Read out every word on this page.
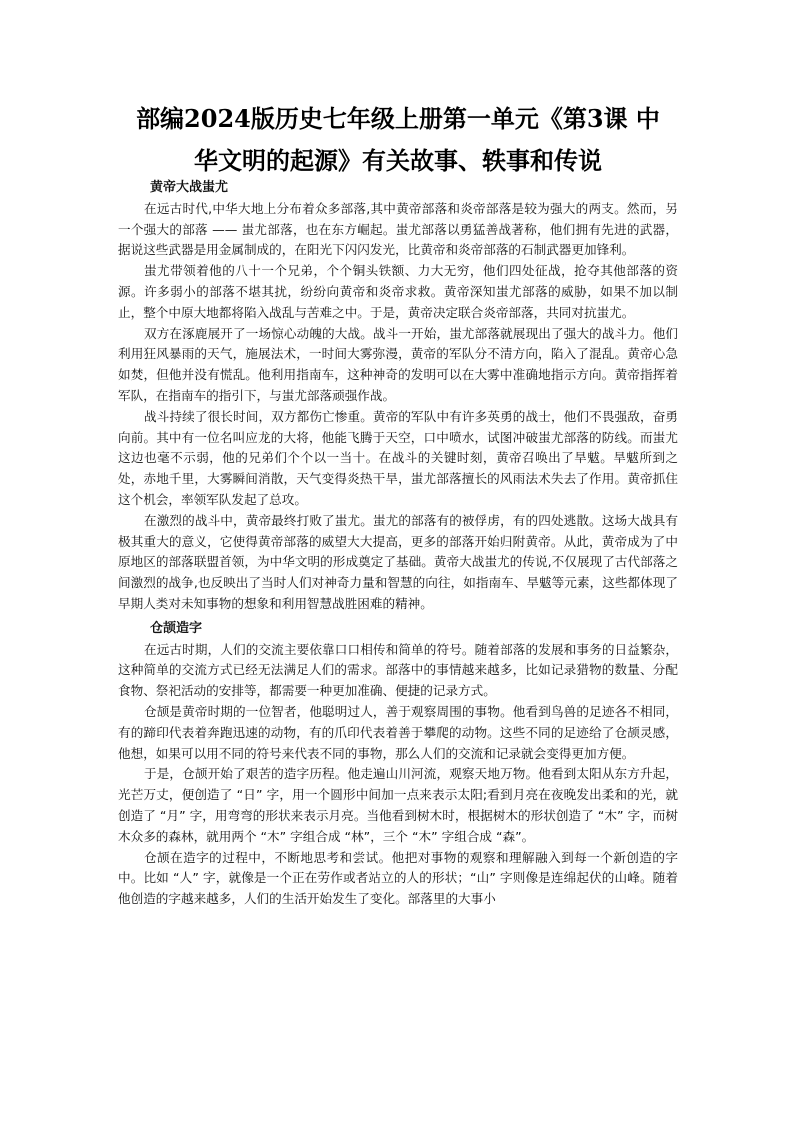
部编2024版历史七年级上册第一单元《第3课 中
华文明的起源》有关故事、轶事和传说
黄帝大战蚩尤

在远古时代,中华大地上分布着众多部落,其中黄帝部落和炎帝部落是较为强大的两支。然而，另一个强大的部落 —— 蚩尤部落，也在东方崛起。蚩尤部落以勇猛善战著称，他们拥有先进的武器，据说这些武器是用金属制成的，在阳光下闪闪发光，比黄帝和炎帝部落的石制武器更加锋利。

蚩尤带领着他的八十一个兄弟，个个铜头铁额、力大无穷，他们四处征战，抢夺其他部落的资源。许多弱小的部落不堪其扰，纷纷向黄帝和炎帝求救。黄帝深知蚩尤部落的威胁，如果不加以制止，整个中原大地都将陷入战乱与苦难之中。于是，黄帝决定联合炎帝部落，共同对抗蚩尤。

双方在涿鹿展开了一场惊心动魄的大战。战斗一开始，蚩尤部落就展现出了强大的战斗力。他们利用狂风暴雨的天气，施展法术，一时间大雾弥漫，黄帝的军队分不清方向，陷入了混乱。黄帝心急如焚，但他并没有慌乱。他利用指南车，这种神奇的发明可以在大雾中准确地指示方向。黄帝指挥着军队，在指南车的指引下，与蚩尤部落顽强作战。

战斗持续了很长时间，双方都伤亡惨重。黄帝的军队中有许多英勇的战士，他们不畏强敌，奋勇向前。其中有一位名叫应龙的大将，他能飞腾于天空，口中喷水，试图冲破蚩尤部落的防线。而蚩尤这边也毫不示弱，他的兄弟们个个以一当十。在战斗的关键时刻，黄帝召唤出了旱魃。旱魃所到之处，赤地千里，大雾瞬间消散，天气变得炎热干旱，蚩尤部落擅长的风雨法术失去了作用。黄帝抓住这个机会，率领军队发起了总攻。

在激烈的战斗中，黄帝最终打败了蚩尤。蚩尤的部落有的被俘虏，有的四处逃散。这场大战具有极其重大的意义，它使得黄帝部落的威望大大提高，更多的部落开始归附黄帝。从此，黄帝成为了中原地区的部落联盟首领，为中华文明的形成奠定了基础。黄帝大战蚩尤的传说,不仅展现了古代部落之间激烈的战争,也反映出了当时人们对神奇力量和智慧的向往，如指南车、旱魃等元素，这些都体现了早期人类对未知事物的想象和利用智慧战胜困难的精神。

仓颉造字

在远古时期，人们的交流主要依靠口口相传和简单的符号。随着部落的发展和事务的日益繁杂，这种简单的交流方式已经无法满足人们的需求。部落中的事情越来越多，比如记录猎物的数量、分配食物、祭祀活动的安排等，都需要一种更加准确、便捷的记录方式。

仓颉是黄帝时期的一位智者，他聪明过人，善于观察周围的事物。他看到鸟兽的足迹各不相同，有的蹄印代表着奔跑迅速的动物，有的爪印代表着善于攀爬的动物。这些不同的足迹给了仓颉灵感，他想，如果可以用不同的符号来代表不同的事物，那么人们的交流和记录就会变得更加方便。

于是，仓颉开始了艰苦的造字历程。他走遍山川河流，观察天地万物。他看到太阳从东方升起，光芒万丈，便创造了 “日” 字，用一个圆形中间加一点来表示太阳;看到月亮在夜晚发出柔和的光，就创造了 “月” 字，用弯弯的形状来表示月亮。当他看到树木时，根据树木的形状创造了 “木” 字，而树木众多的森林，就用两个 “木” 字组合成 “林”，三个 “木” 字组合成 “森”。

仓颉在造字的过程中，不断地思考和尝试。他把对事物的观察和理解融入到每一个新创造的字中。比如 “人” 字，就像是一个正在劳作或者站立的人的形状；“山” 字则像是连绵起伏的山峰。随着他创造的字越来越多，人们的生活开始发生了变化。部落里的大事小
